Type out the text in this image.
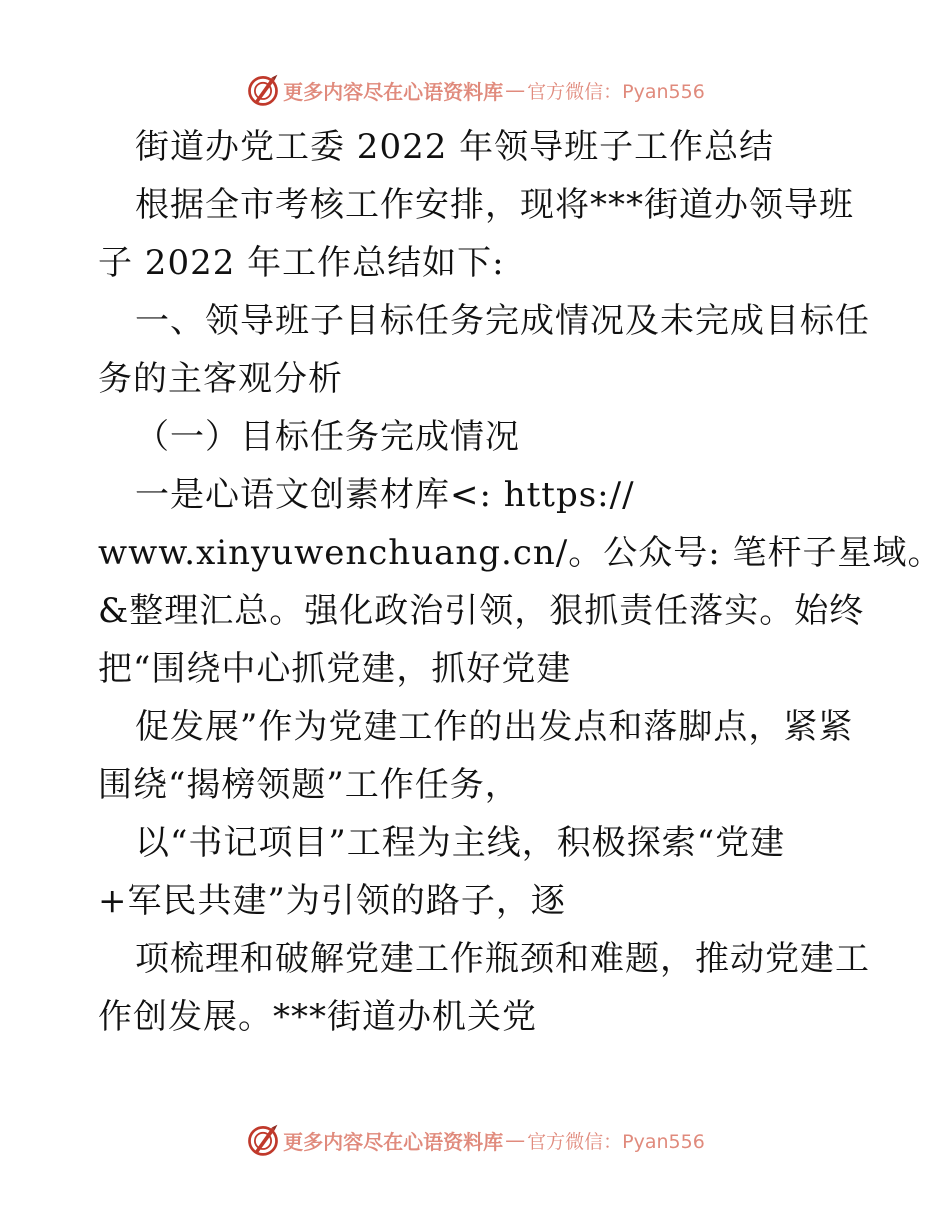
更多内容尽在心语资料库 — 官方微信：Pyan556
街道办党工委 2022 年领导班子工作总结
根据全市考核工作安排，现将***街道办领导班
子 2022 年工作总结如下:
一、领导班子目标任务完成情况及未完成目标任
务的主客观分析
（一）目标任务完成情况
一是心语文创素材库<: https://
www.xinyuwenchuang.cn/。公众号: 笔杆子星域。
&整理汇总。强化政治引领，狠抓责任落实。始终
把“围绕中心抓党建，抓好党建
促发展”作为党建工作的出发点和落脚点，紧紧
围绕“揭榜领题”工作任务，
以“书记项目”工程为主线，积极探索“党建
+军民共建”为引领的路子，逐
项梳理和破解党建工作瓶颈和难题，推动党建工
作创发展。***街道办机关党
更多内容尽在心语资料库 — 官方微信：Pyan556
